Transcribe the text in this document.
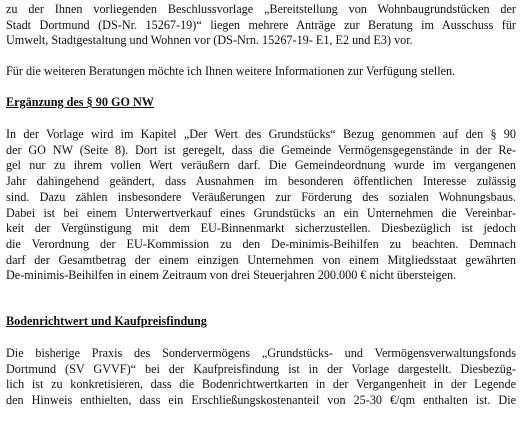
zu der Ihnen vorliegenden Beschlussvorlage „Bereitstellung von Wohnbaugrundstücken der
Stadt Dortmund (DS-Nr. 15267-19)“ liegen mehrere Anträge zur Beratung im Ausschuss für
Umwelt, Stadtgestaltung und Wohnen vor (DS-Nrn. 15267-19- E1, E2 und E3) vor.

Für die weiteren Beratungen möchte ich Ihnen weitere Informationen zur Verfügung stellen.

Ergänzung des § 90 GO NW

In der Vorlage wird im Kapitel „Der Wert des Grundstücks“ Bezug genommen auf den § 90
der GO NW (Seite 8). Dort ist geregelt, dass die Gemeinde Vermögensgegenstände in der Re-
gel nur zu ihrem vollen Wert veräußern darf. Die Gemeindeordnung wurde im vergangenen
Jahr dahingehend geändert, dass Ausnahmen im besonderen öffentlichen Interesse zulässig
sind. Dazu zählen insbesondere Veräußerungen zur Förderung des sozialen Wohnungsbaus.
Dabei ist bei einem Unterwertverkauf eines Grundstücks an ein Unternehmen die Vereinbar-
keit der Vergünstigung mit dem EU-Binnenmarkt sicherzustellen. Diesbezüglich ist jedoch
die Verordnung der EU-Kommission zu den De-minimis-Beihilfen zu beachten. Demnach
darf der Gesamtbetrag der einem einzigen Unternehmen von einem Mitgliedsstaat gewährten
De-minimis-Beihilfen in einem Zeitraum von drei Steuerjahren 200.000 € nicht übersteigen.

Bodenrichtwert und Kaufpreisfindung

Die bisherige Praxis des Sondervermögens „Grundstücks- und Vermögensverwaltungsfonds
Dortmund (SV GVVF)“ bei der Kaufpreisfindung ist in der Vorlage dargestellt. Diesbezüg-
lich ist zu konkretisieren, dass die Bodenrichtwertkarten in der Vergangenheit in der Legende
den Hinweis enthielten, dass ein Erschließungskostenanteil von 25-30 €/qm enthalten ist. Die
